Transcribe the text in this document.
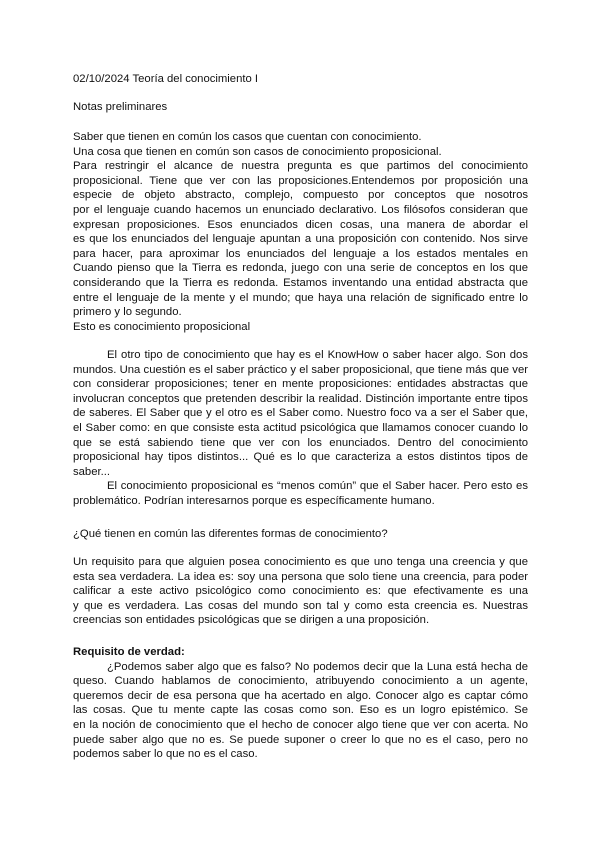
02/10/2024 Teoría del conocimiento I
Notas preliminares
Saber que tienen en común los casos que cuentan con conocimiento.
Una cosa que tienen en común son casos de conocimiento proposicional.
Para restringir el alcance de nuestra pregunta es que partimos del conocimiento
proposicional. Tiene que ver con las proposiciones.Entendemos por proposición una
especie de objeto abstracto, complejo, compuesto por conceptos que nosotros
por el lenguaje cuando hacemos un enunciado declarativo. Los filósofos consideran que
expresan proposiciones. Esos enunciados dicen cosas, una manera de abordar el
es que los enunciados del lenguaje apuntan a una proposición con contenido. Nos sirve
para hacer, para aproximar los enunciados del lenguaje a los estados mentales en
Cuando pienso que la Tierra es redonda, juego con una serie de conceptos en los que
considerando que la Tierra es redonda. Estamos inventando una entidad abstracta que
entre el lenguaje de la mente y el mundo; que haya una relación de significado entre lo
primero y lo segundo.
Esto es conocimiento proposicional
El otro tipo de conocimiento que hay es el KnowHow o saber hacer algo. Son dos
mundos. Una cuestión es el saber práctico y el saber proposicional, que tiene más que ver
con considerar proposiciones; tener en mente proposiciones: entidades abstractas que
involucran conceptos que pretenden describir la realidad. Distinción importante entre tipos
de saberes. El Saber que y el otro es el Saber como. Nuestro foco va a ser el Saber que,
el Saber como: en que consiste esta actitud psicológica que llamamos conocer cuando lo
que se está sabiendo tiene que ver con los enunciados. Dentro del conocimiento
proposicional hay tipos distintos... Qué es lo que caracteriza a estos distintos tipos de
saber...
El conocimiento proposicional es “menos común” que el Saber hacer. Pero esto es
problemático. Podrían interesarnos porque es específicamente humano.
¿Qué tienen en común las diferentes formas de conocimiento?
Un requisito para que alguien posea conocimiento es que uno tenga una creencia y que
esta sea verdadera. La idea es: soy una persona que solo tiene una creencia, para poder
calificar a este activo psicológico como conocimiento es: que efectivamente es una
y que es verdadera. Las cosas del mundo son tal y como esta creencia es. Nuestras
creencias son entidades psicológicas que se dirigen a una proposición.
Requisito de verdad:
¿Podemos saber algo que es falso? No podemos decir que la Luna está hecha de
queso. Cuando hablamos de conocimiento, atribuyendo conocimiento a un agente,
queremos decir de esa persona que ha acertado en algo. Conocer algo es captar cómo
las cosas. Que tu mente capte las cosas como son. Eso es un logro epistémico. Se
en la noción de conocimiento que el hecho de conocer algo tiene que ver con acerta. No
puede saber algo que no es. Se puede suponer o creer lo que no es el caso, pero no
podemos saber lo que no es el caso.
